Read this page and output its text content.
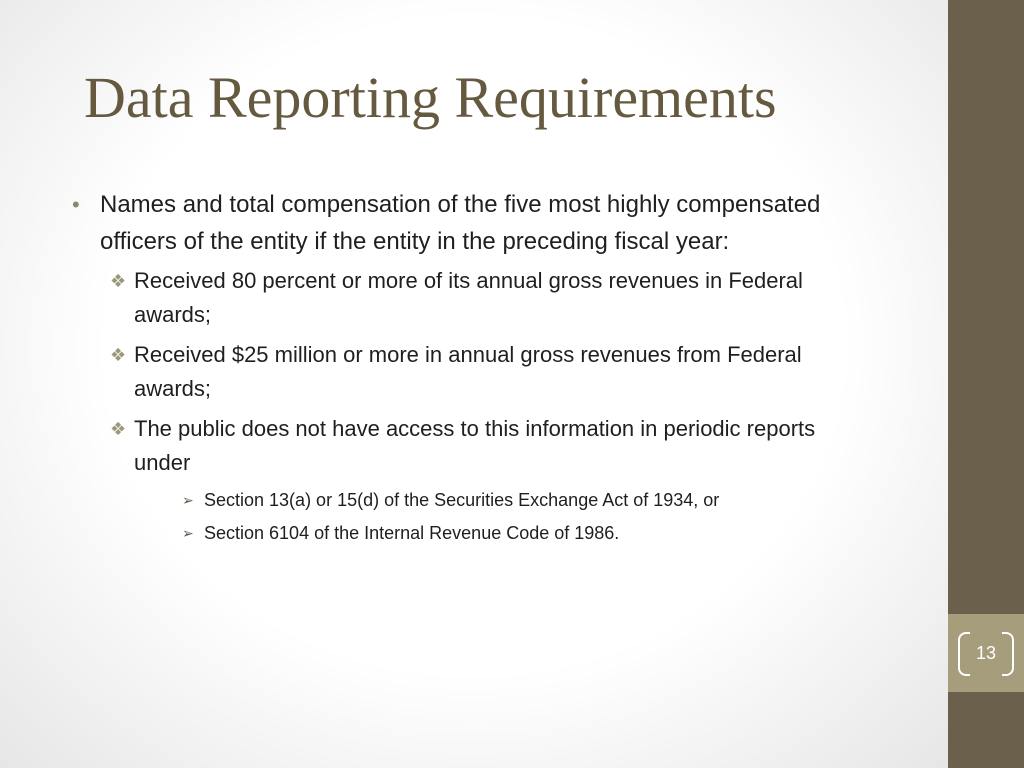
Data Reporting Requirements
• Names and total compensation of the five most highly compensated officers of the entity if the entity in the preceding fiscal year:
❖ Received 80 percent or more of its annual gross revenues in Federal awards;
❖ Received $25 million or more in annual gross revenues from Federal awards;
❖ The public does not have access to this information in periodic reports under
➢ Section 13(a) or 15(d) of the Securities Exchange Act of 1934, or
➢ Section 6104 of the Internal Revenue Code of 1986.
13
